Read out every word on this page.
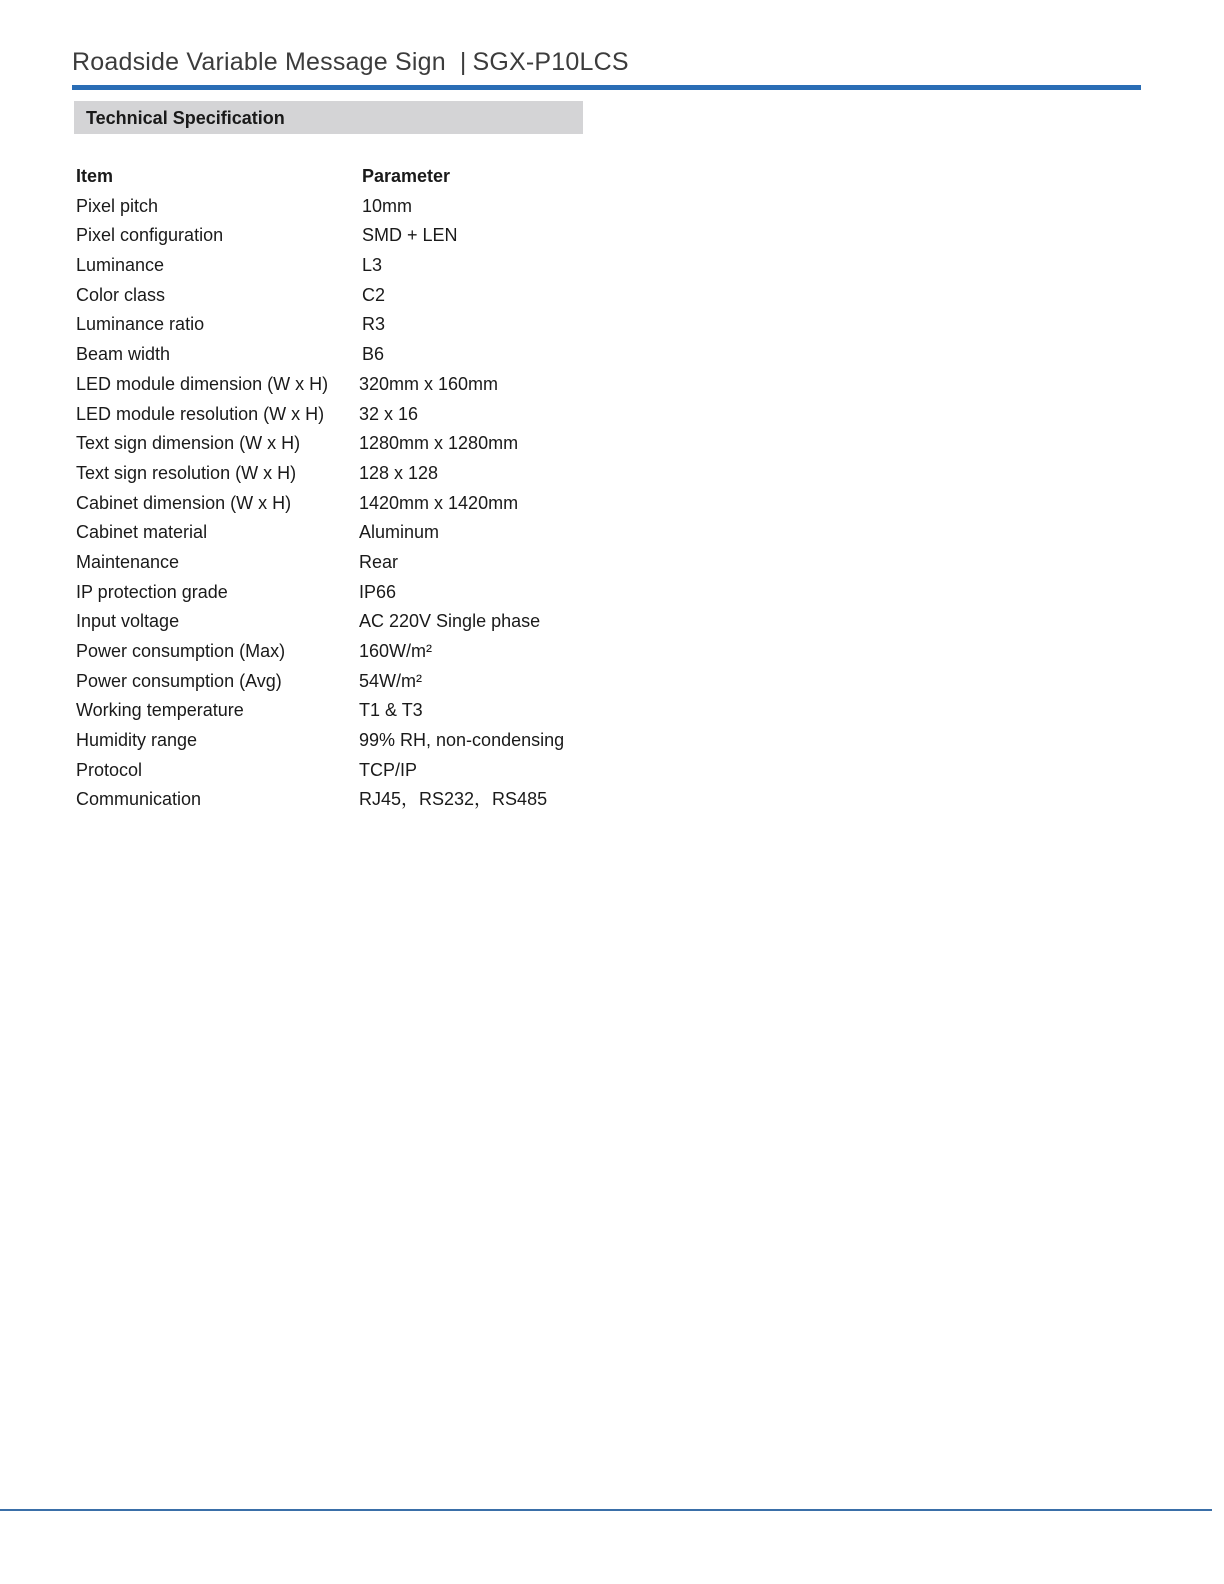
Roadside Variable Message Sign | SGX-P10LCS
Technical Specification
Item	Parameter
Pixel pitch	10mm
Pixel configuration	SMD + LEN
Luminance	L3
Color class	C2
Luminance ratio	R3
Beam width	B6
LED module dimension (W x H) 320mm x 160mm
LED module resolution (W x H) 32 x 16
Text sign dimension (W x H)	1280mm x 1280mm
Text sign resolution (W x H)	128 x 128
Cabinet dimension (W x H)	1420mm x 1420mm
Cabinet material	Aluminum
Maintenance	Rear
IP protection grade	IP66
Input voltage	AC 220V Single phase
Power consumption (Max)	160W/m²
Power consumption (Avg)	54W/m²
Working temperature	T1 & T3
Humidity range	99% RH, non-condensing
Protocol	TCP/IP
Communication	RJ45，RS232，RS485
